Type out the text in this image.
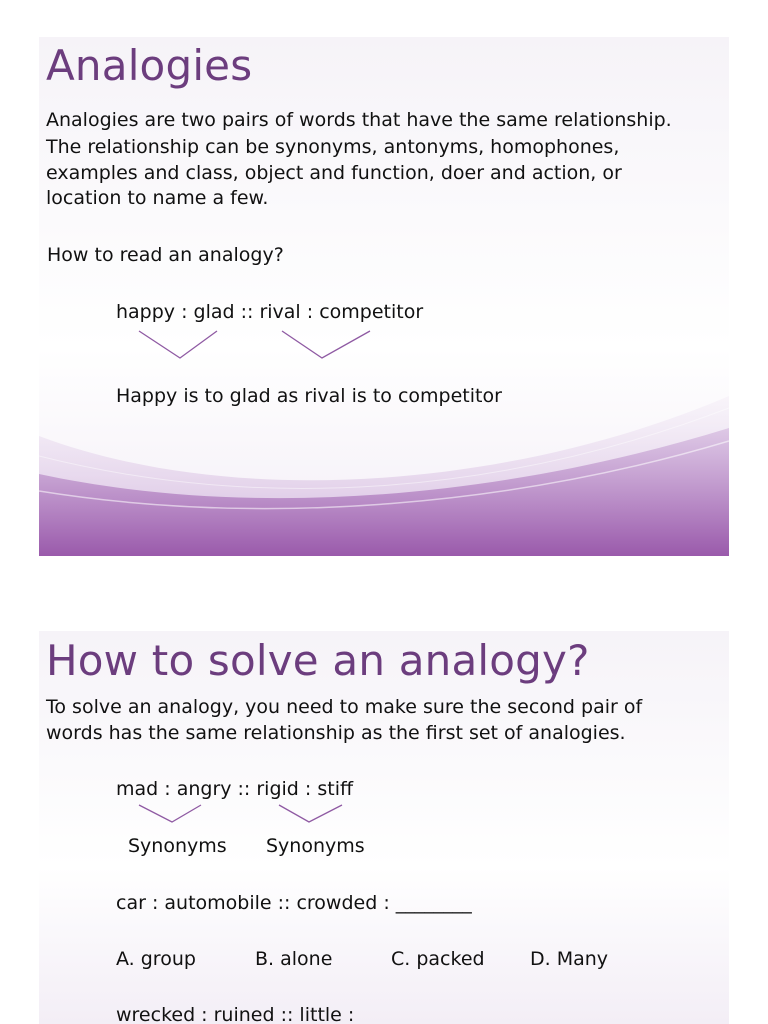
Analogies
Analogies are two pairs of words that have the same relationship.
The relationship can be synonyms, antonyms, homophones,
examples and class, object and function, doer and action, or
location to name a few.
How to read an analogy?
happy : glad :: rival : competitor
Happy is to glad as rival is to competitor
How to solve an analogy?
To solve an analogy, you need to make sure the second pair of
words has the same relationship as the first set of analogies.
mad : angry :: rigid : stiff
Synonyms Synonyms
car : automobile :: crowded : ________
A. group	B. alone	C. packed D. Many
wrecked : ruined :: little :
